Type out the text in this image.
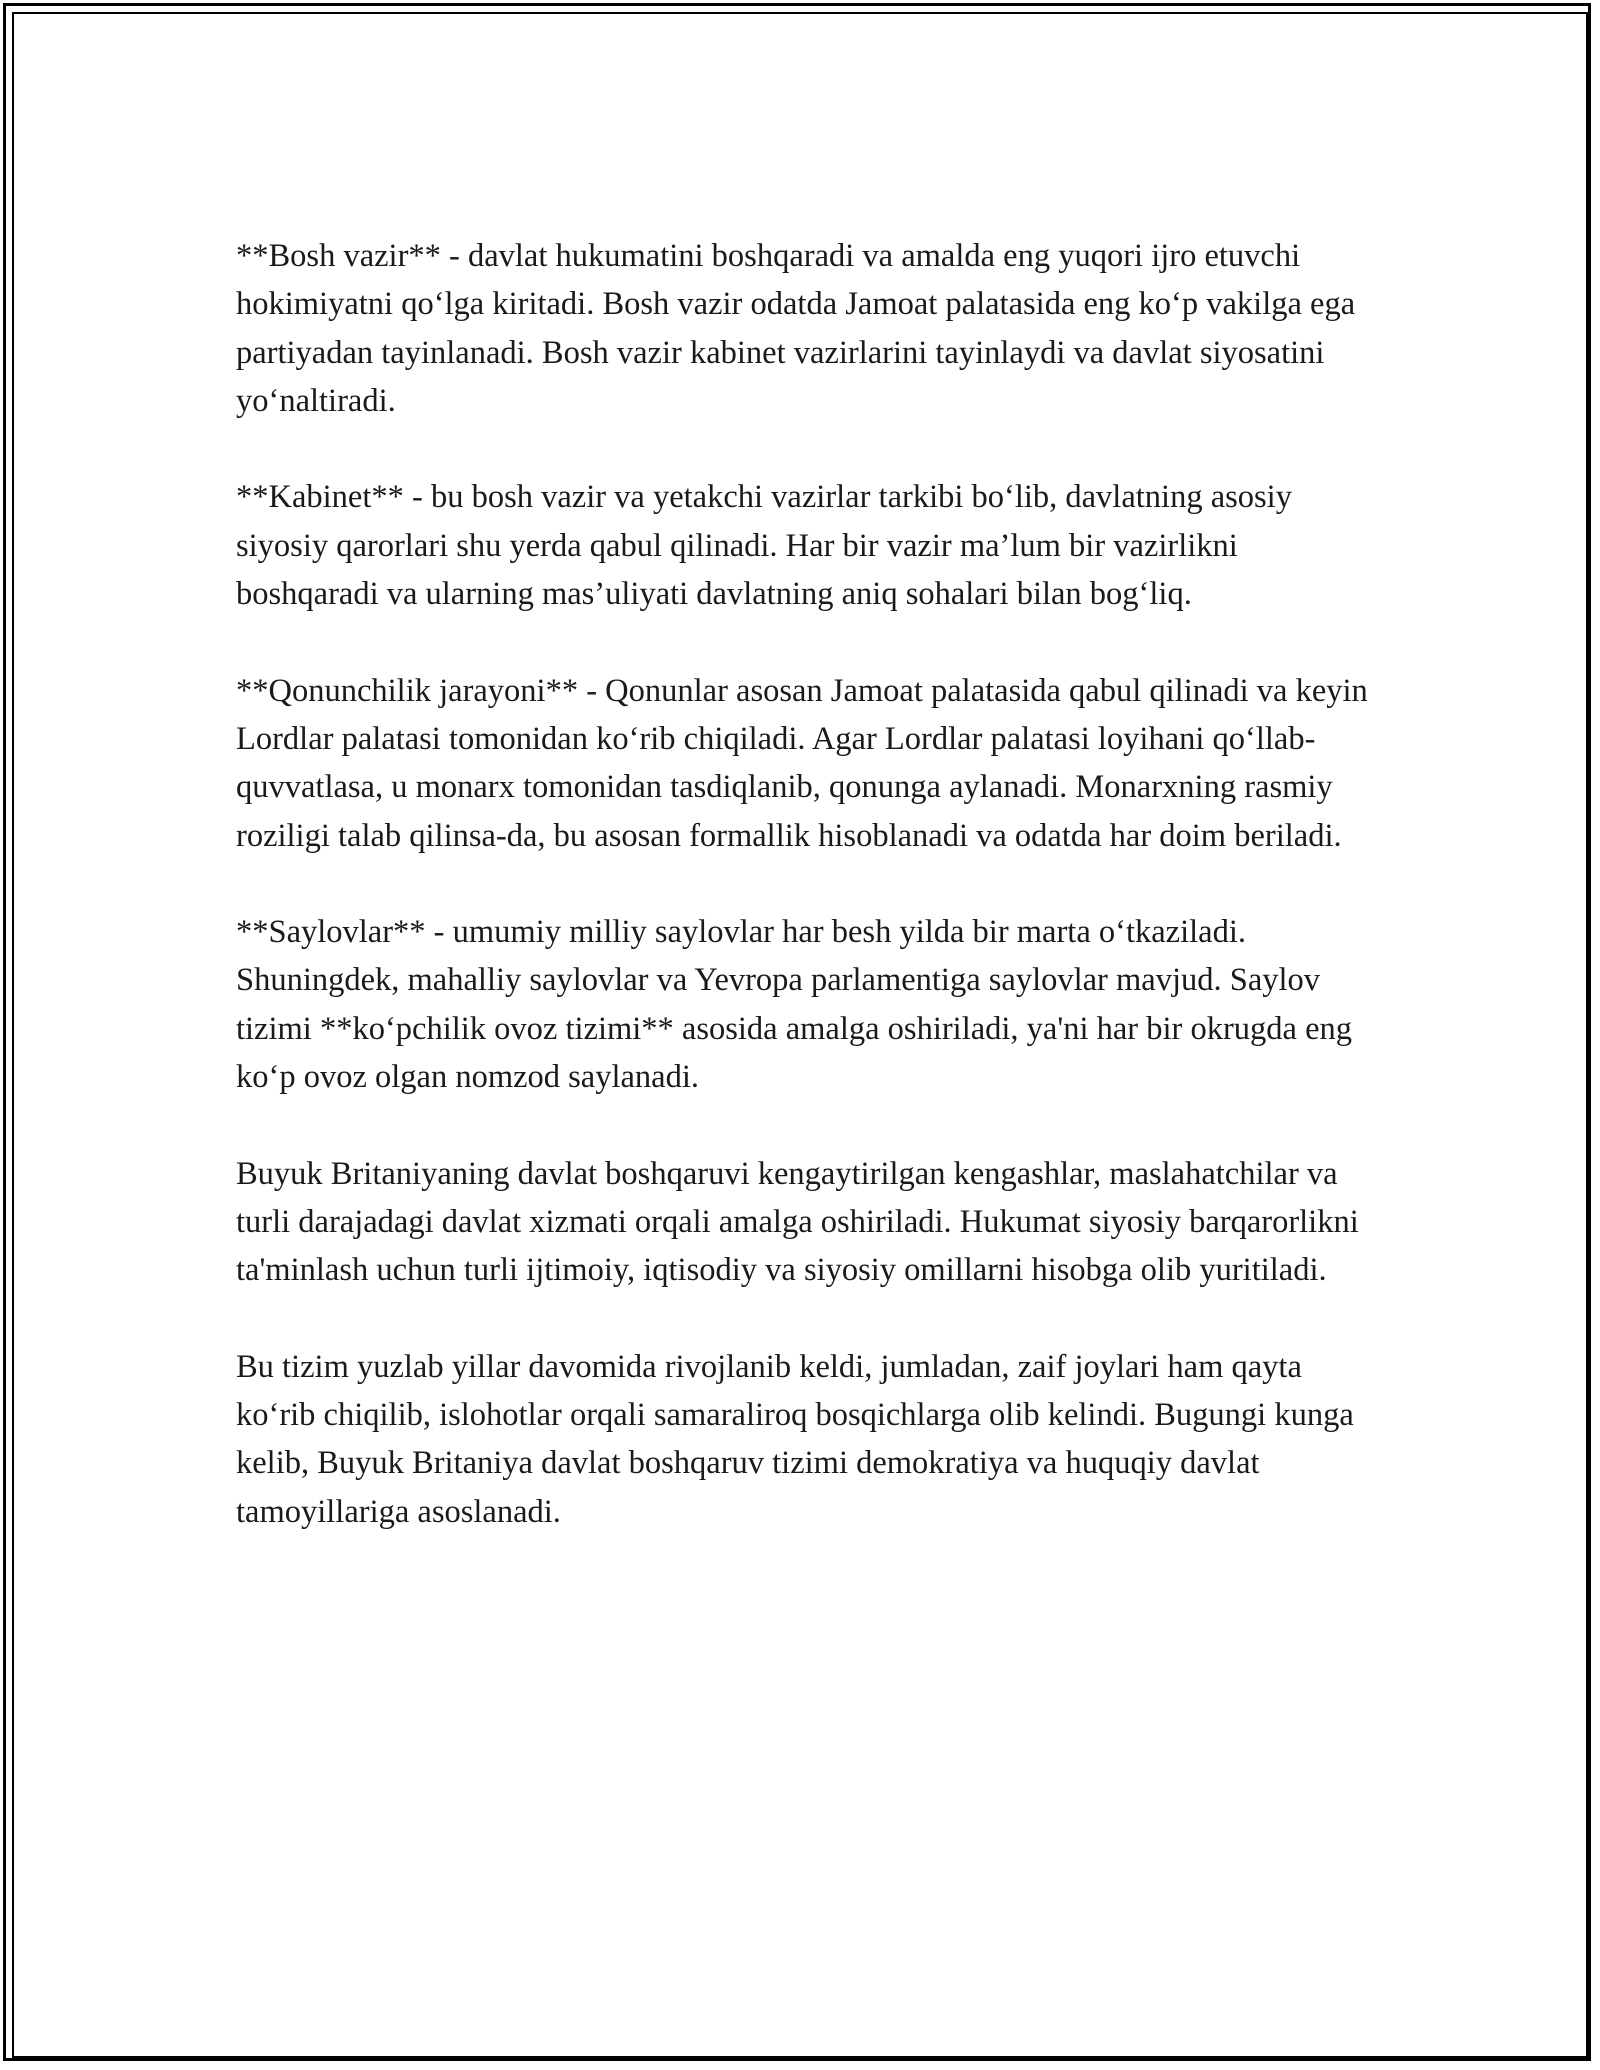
**Bosh vazir** - davlat hukumatini boshqaradi va amalda eng yuqori ijro etuvchi hokimiyatni qo‘lga kiritadi. Bosh vazir odatda Jamoat palatasida eng ko‘p vakilga ega partiyadan tayinlanadi. Bosh vazir kabinet vazirlarini tayinlaydi va davlat siyosatini yo‘naltiradi.

**Kabinet** - bu bosh vazir va yetakchi vazirlar tarkibi bo‘lib, davlatning asosiy siyosiy qarorlari shu yerda qabul qilinadi. Har bir vazir ma’lum bir vazirlikni boshqaradi va ularning mas’uliyati davlatning aniq sohalari bilan bog‘liq.

**Qonunchilik jarayoni** - Qonunlar asosan Jamoat palatasida qabul qilinadi va keyin Lordlar palatasi tomonidan ko‘rib chiqiladi. Agar Lordlar palatasi loyihani qo‘llab-quvvatlasa, u monarx tomonidan tasdiqlanib, qonunga aylanadi. Monarxning rasmiy roziligi talab qilinsa-da, bu asosan formallik hisoblanadi va odatda har doim beriladi.

**Saylovlar** - umumiy milliy saylovlar har besh yilda bir marta o‘tkaziladi. Shuningdek, mahalliy saylovlar va Yevropa parlamentiga saylovlar mavjud. Saylov tizimi **ko‘pchilik ovoz tizimi** asosida amalga oshiriladi, ya'ni har bir okrugda eng ko‘p ovoz olgan nomzod saylanadi.

Buyuk Britaniyaning davlat boshqaruvi kengaytirilgan kengashlar, maslahatchilar va turli darajadagi davlat xizmati orqali amalga oshiriladi. Hukumat siyosiy barqarorlikni ta'minlash uchun turli ijtimoiy, iqtisodiy va siyosiy omillarni hisobga olib yuritiladi.

Bu tizim yuzlab yillar davomida rivojlanib keldi, jumladan, zaif joylari ham qayta ko‘rib chiqilib, islohotlar orqali samaraliroq bosqichlarga olib kelindi. Bugungi kunga kelib, Buyuk Britaniya davlat boshqaruv tizimi demokratiya va huquqiy davlat tamoyillariga asoslanadi.
